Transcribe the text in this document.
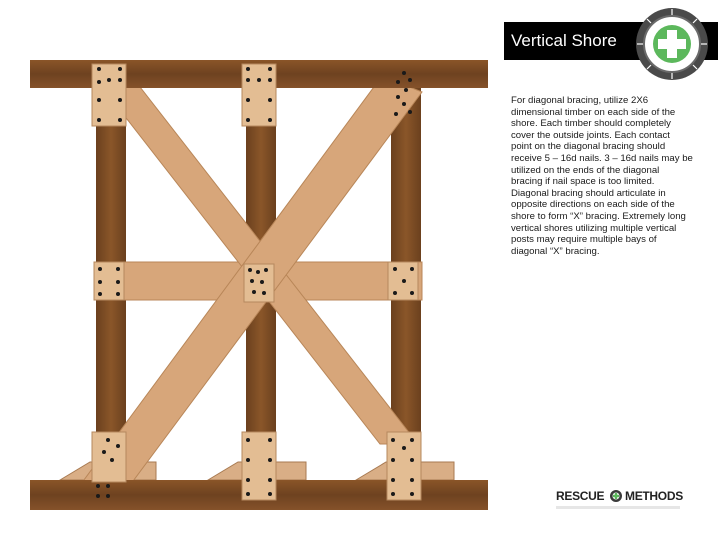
Vertical Shore

For diagonal bracing, utilize 2X6 dimensional timber on each side of the shore. Each timber should completely cover the outside joints. Each contact point on the diagonal bracing should receive 5 – 16d nails. 3 – 16d nails may be utilized on the ends of the diagonal bracing if nail space is too limited. Diagonal bracing should articulate in opposite directions on each side of the shore to form “X” bracing. Extremely long vertical shores utilizing multiple vertical posts may require multiple bays of diagonal “X” bracing.

RESCUE METHODS
